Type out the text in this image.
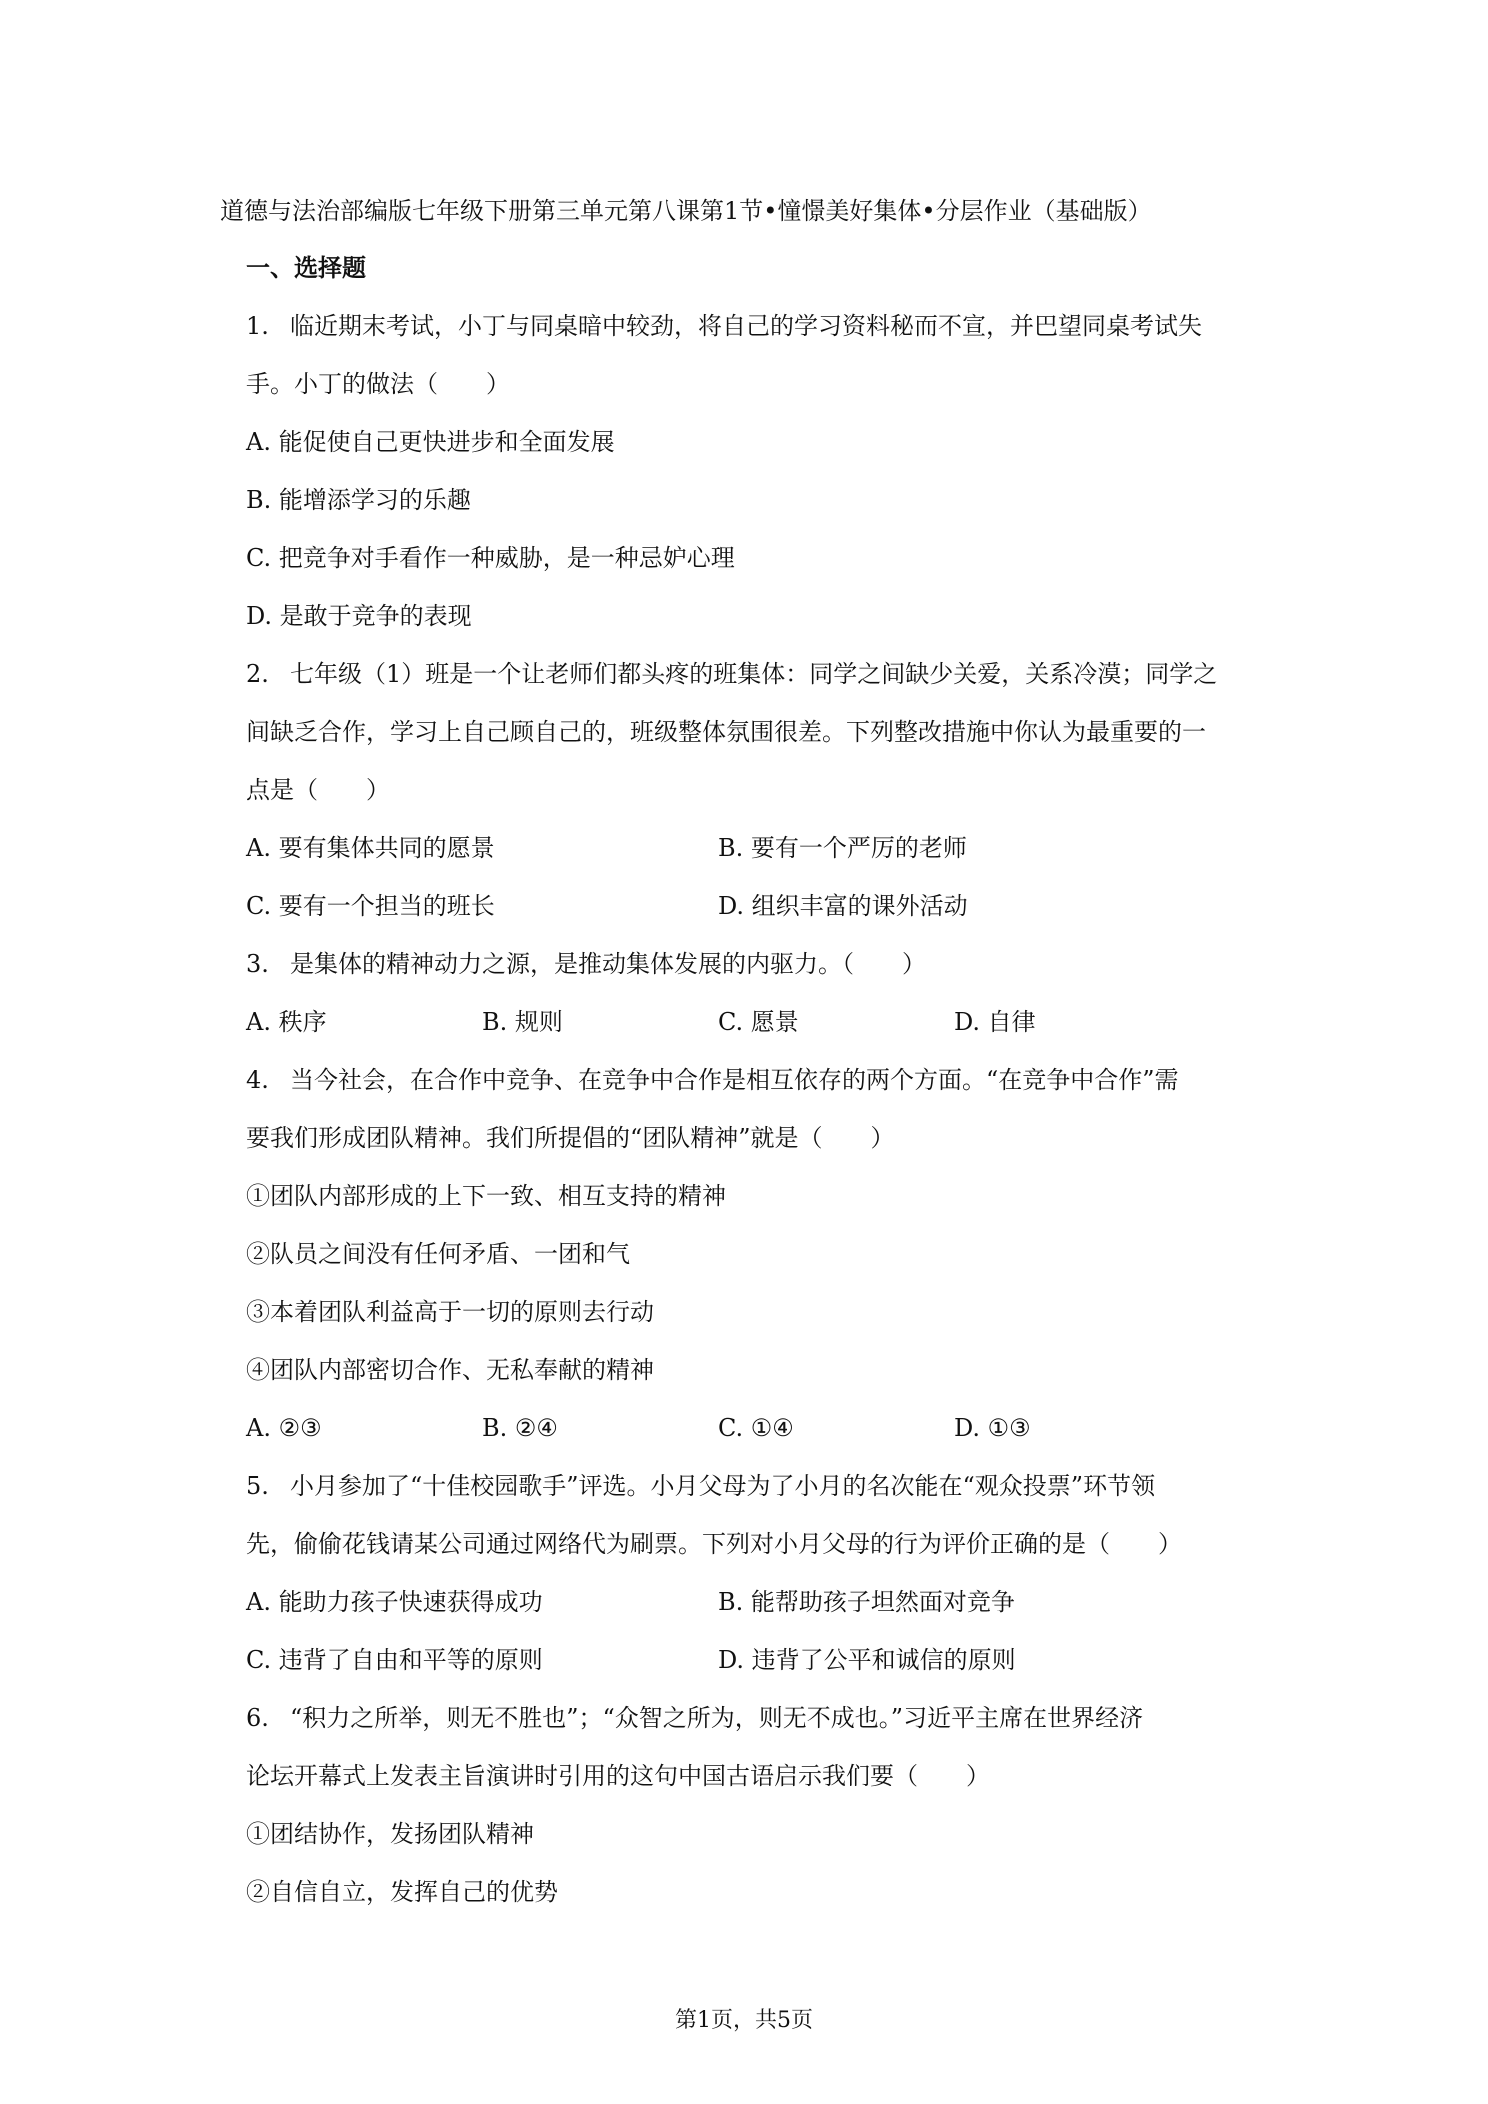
道德与法治部编版七年级下册第三单元第八课第1节•憧憬美好集体•分层作业（基础版）
一、选择题
1. 临近期末考试，小丁与同桌暗中较劲，将自己的学习资料秘而不宣，并巴望同桌考试失
手。小丁的做法（　　）
A. 能促使自己更快进步和全面发展
B. 能增添学习的乐趣
C. 把竞争对手看作一种威胁，是一种忌妒心理
D. 是敢于竞争的表现
2. 七年级（1）班是一个让老师们都头疼的班集体：同学之间缺少关爱，关系冷漠；同学之
间缺乏合作，学习上自己顾自己的，班级整体氛围很差。下列整改措施中你认为最重要的一
点是（　　）
A. 要有集体共同的愿景	B. 要有一个严厉的老师
C. 要有一个担当的班长	D. 组织丰富的课外活动
3. 是集体的精神动力之源，是推动集体发展的内驱力。（　　）
A. 秩序	B. 规则	C. 愿景	D. 自律
4. 当今社会，在合作中竞争、在竞争中合作是相互依存的两个方面。“在竞争中合作”需
要我们形成团队精神。我们所提倡的“团队精神”就是（　　）
①团队内部形成的上下一致、相互支持的精神
②队员之间没有任何矛盾、一团和气
③本着团队利益高于一切的原则去行动
④团队内部密切合作、无私奉献的精神
A. ②③	B. ②④	C. ①④	D. ①③
5. 小月参加了“十佳校园歌手”评选。小月父母为了小月的名次能在“观众投票”环节领
先，偷偷花钱请某公司通过网络代为刷票。下列对小月父母的行为评价正确的是（　　）
A. 能助力孩子快速获得成功	B. 能帮助孩子坦然面对竞争
C. 违背了自由和平等的原则	D. 违背了公平和诚信的原则
6. “积力之所举，则无不胜也”；“众智之所为，则无不成也。”习近平主席在世界经济
论坛开幕式上发表主旨演讲时引用的这句中国古语启示我们要（　　）
①团结协作，发扬团队精神
②自信自立，发挥自己的优势
第1页，共5页
